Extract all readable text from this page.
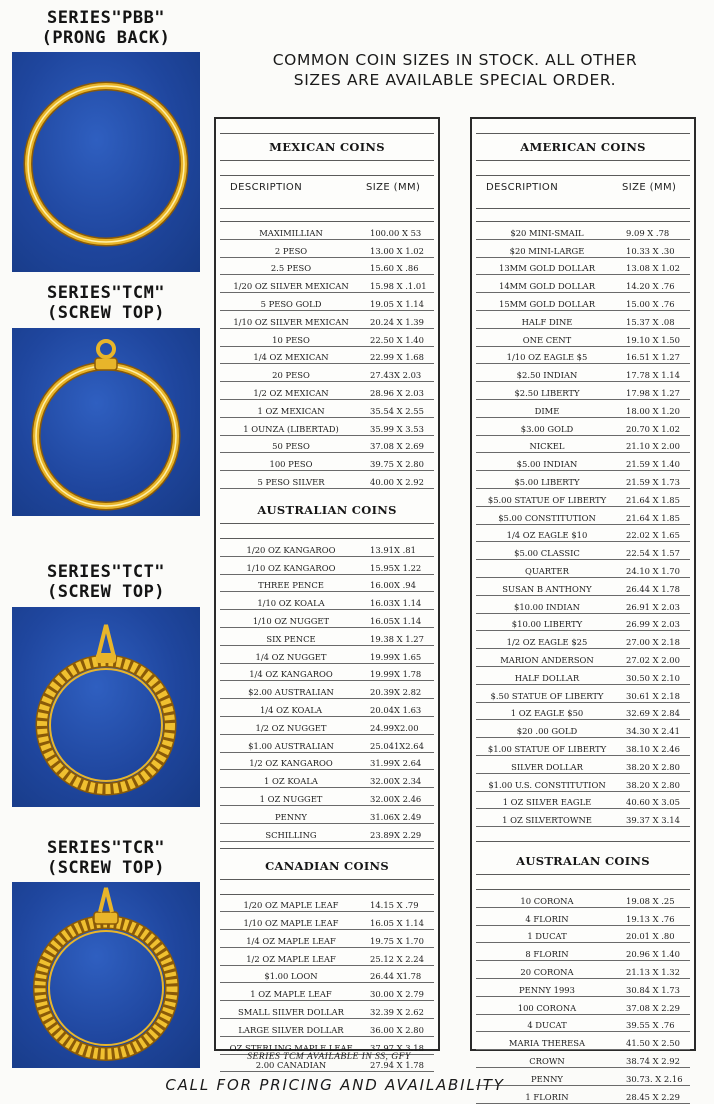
SERIES"PBB"
(PRONG BACK)
SERIES"TCM"
(SCREW TOP)
SERIES"TCT"
(SCREW TOP)
SERIES"TCR"
(SCREW TOP)
COMMON COIN SIZES IN STOCK. ALL OTHER
SIZES ARE AVAILABLE SPECIAL ORDER.
MEXICAN COINS
DESCRIPTION	SIZE (MM)
MAXIMILLIAN	100.00 X 53
2 PESO	13.00 X 1.02
2.5 PESO	15.60 X .86
1/20 OZ SILVER MEXICAN	15.98 X .1.01
5 PESO GOLD	19.05 X 1.14
1/10 OZ SILVER MEXICAN	20.24 X 1.39
10 PESO	22.50 X 1.40
1/4 OZ MEXICAN	22.99 X 1.68
20 PESO	27.43X 2.03
1/2 OZ MEXICAN	28.96 X 2.03
1 OZ MEXICAN	35.54 X 2.55
1 OUNZA (LIBERTAD)	35.99 X 3.53
50 PESO	37.08 X 2.69
100 PESO	39.75 X 2.80
5 PESO SILVER	40.00 X 2.92
AUSTRALIAN COINS
1/20 OZ KANGAROO	13.91X .81
1/10 OZ KANGAROO	15.95X 1.22
THREE PENCE	16.00X .94
1/10 OZ KOALA	16.03X 1.14
1/10 OZ NUGGET	16.05X 1.14
SIX PENCE	19.38 X 1.27
1/4 OZ NUGGET	19.99X 1.65
1/4 OZ KANGAROO	19.99X 1.78
$2.00 AUSTRALIAN	20.39X 2.82
1/4 OZ KOALA	20.04X 1.63
1/2 OZ NUGGET	24.99X2.00
$1.00 AUSTRALIAN	25.041X2.64
1/2 OZ KANGAROO	31.99X 2.64
1 OZ KOALA	32.00X 2.34
1 OZ NUGGET	32.00X 2.46
PENNY	31.06X 2.49
SCHILLING	23.89X 2.29
CANADIAN COINS
1/20 OZ MAPLE LEAF	14.15 X .79
1/10 OZ MAPLE LEAF	16.05 X 1.14
1/4 OZ MAPLE LEAF	19.75 X 1.70
1/2 OZ MAPLE LEAF	25.12 X 2.24
$1.00 LOON	26.44 X1.78
1 OZ MAPLE LEAF	30.00 X 2.79
SMALL SILVER DOLLAR	32.39 X 2.62
LARGE SILVER DOLLAR	36.00 X 2.80
OZ STERLING MAPLE LEAF	37.97 X 3.18
2.00 CANADIAN	27.94 X 1.78
AMERICAN COINS
DESCRIPTION	SIZE (MM)
$20 MINI-SMAIL	9.09 X .78
$20 MINI-LARGE	10.33 X .30
13MM GOLD DOLLAR	13.08 X 1.02
14MM GOLD DOLLAR	14.20 X .76
15MM GOLD DOLLAR	15.00 X .76
HALF DINE	15.37 X .08
ONE CENT	19.10 X 1.50
1/10 OZ EAGLE $5	16.51 X 1.27
$2.50 INDIAN	17.78 X 1.14
$2.50 LIBERTY	17.98 X 1.27
DIME	18.00 X 1.20
$3.00 GOLD	20.70 X 1.02
NICKEL	21.10 X 2.00
$5.00 INDIAN	21.59 X 1.40
$5.00 LIBERTY	21.59 X 1.73
$5.00 STATUE OF LIBERTY	21.64 X 1.85
$5.00 CONSTITUTION	21.64 X 1.85
1/4 OZ EAGLE $10	22.02 X 1.65
$5.00 CLASSIC	22.54 X 1.57
QUARTER	24.10 X 1.70
SUSAN B ANTHONY	26.44 X 1.78
$10.00 INDIAN	26.91 X 2.03
$10.00 LIBERTY	26.99 X 2.03
1/2 OZ EAGLE $25	27.00 X 2.18
MARION ANDERSON	27.02 X 2.00
HALF DOLLAR	30.50 X 2.10
$.50 STATUE OF LIBERTY	30.61 X 2.18
1 OZ EAGLE $50	32.69 X 2.84
$20 .00 GOLD	34.30 X 2.41
$1.00 STATUE OF LIBERTY	38.10 X 2.46
SILVER DOLLAR	38.20 X 2.80
$1.00 U.S. CONSTITUTION	38.20 X 2.80
1 OZ SILVER EAGLE	40.60 X 3.05
1 OZ SILVERTOWNE	39.37 X 3.14
AUSTRALAN COINS
10 CORONA	19.08 X .25
4 FLORIN	19.13 X .76
1 DUCAT	20.01 X .80
8 FLORIN	20.96 X 1.40
20 CORONA	21.13 X 1.32
PENNY 1993	30.84 X 1.73
100 CORONA	37.08 X 2.29
4 DUCAT	39.55 X .76
MARIA THERESA	41.50 X 2.50
CROWN	38.74 X 2.92
PENNY	30.73. X 2.16
1 FLORIN	28.45 X 2.29
SERIES TCM AVAILABLE IN SS, GFY
CALL FOR PRICING AND AVAILABILITY
